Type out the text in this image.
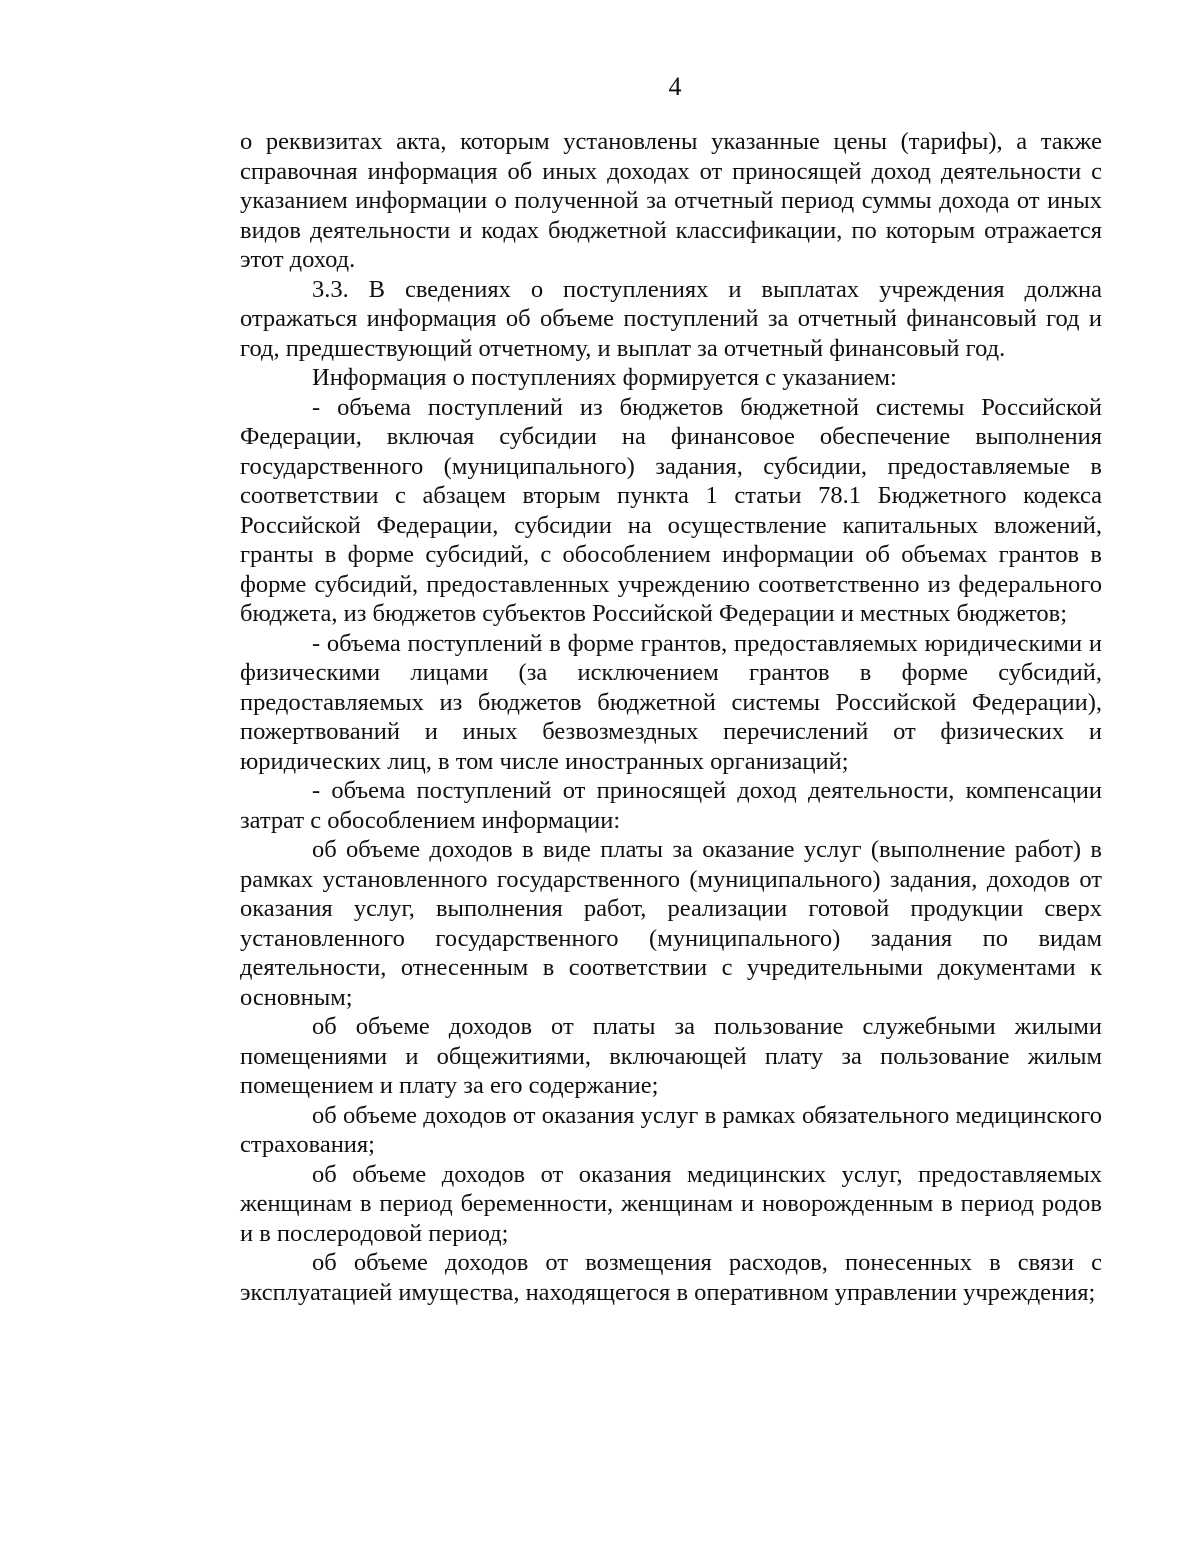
4

о реквизитах акта, которым установлены указанные цены (тарифы), а также справочная информация об иных доходах от приносящей доход деятельности с указанием информации о полученной за отчетный период суммы дохода от иных видов деятельности и кодах бюджетной классификации, по которым отражается этот доход.

3.3. В сведениях о поступлениях и выплатах учреждения должна отражаться информация об объеме поступлений за отчетный финансовый год и год, предшествующий отчетному, и выплат за отчетный финансовый год.

Информация о поступлениях формируется с указанием:

- объема поступлений из бюджетов бюджетной системы Российской Федерации, включая субсидии на финансовое обеспечение выполнения государственного (муниципального) задания, субсидии, предоставляемые в соответствии с абзацем вторым пункта 1 статьи 78.1 Бюджетного кодекса Российской Федерации, субсидии на осуществление капитальных вложений, гранты в форме субсидий, с обособлением информации об объемах грантов в форме субсидий, предоставленных учреждению соответственно из федерального бюджета, из бюджетов субъектов Российской Федерации и местных бюджетов;

- объема поступлений в форме грантов, предоставляемых юридическими и физическими лицами (за исключением грантов в форме субсидий, предоставляемых из бюджетов бюджетной системы Российской Федерации), пожертвований и иных безвозмездных перечислений от физических и юридических лиц, в том числе иностранных организаций;

- объема поступлений от приносящей доход деятельности, компенсации затрат с обособлением информации:

об объеме доходов в виде платы за оказание услуг (выполнение работ) в рамках установленного государственного (муниципального) задания, доходов от оказания услуг, выполнения работ, реализации готовой продукции сверх установленного государственного (муниципального) задания по видам деятельности, отнесенным в соответствии с учредительными документами к основным;

об объеме доходов от платы за пользование служебными жилыми помещениями и общежитиями, включающей плату за пользование жилым помещением и плату за его содержание;

об объеме доходов от оказания услуг в рамках обязательного медицинского страхования;

об объеме доходов от оказания медицинских услуг, предоставляемых женщинам в период беременности, женщинам и новорожденным в период родов и в послеродовой период;

об объеме доходов от возмещения расходов, понесенных в связи с эксплуатацией имущества, находящегося в оперативном управлении учреждения;
